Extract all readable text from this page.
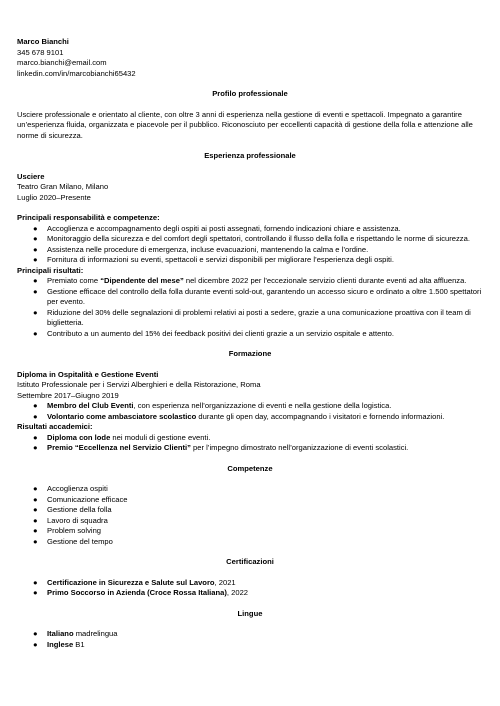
Marco Bianchi

345 678 9101

marco.bianchi@email.com

linkedin.com/in/marcobianchi65432

Profilo professionale

Usciere professionale e orientato al cliente, con oltre 3 anni di esperienza nella gestione di eventi e spettacoli. Impegnato a garantire un’esperienza fluida, organizzata e piacevole per il pubblico. Riconosciuto per eccellenti capacità di gestione della folla e attenzione alle norme di sicurezza.

Esperienza professionale

Usciere

Teatro Gran Milano, Milano

Luglio 2020–Presente

Principali responsabilità e competenze:

● Accoglienza e accompagnamento degli ospiti ai posti assegnati, fornendo indicazioni chiare e assistenza.
● Monitoraggio della sicurezza e del comfort degli spettatori, controllando il flusso della folla e rispettando le norme di sicurezza.
● Assistenza nelle procedure di emergenza, incluse evacuazioni, mantenendo la calma e l’ordine.
● Fornitura di informazioni su eventi, spettacoli e servizi disponibili per migliorare l’esperienza degli ospiti.

Principali risultati:

● Premiato come “Dipendente del mese” nel dicembre 2022 per l’eccezionale servizio clienti durante eventi ad alta affluenza.
● Gestione efficace del controllo della folla durante eventi sold-out, garantendo un accesso sicuro e ordinato a oltre 1.500 spettatori per evento.
● Riduzione del 30% delle segnalazioni di problemi relativi ai posti a sedere, grazie a una comunicazione proattiva con il team di biglietteria.
● Contributo a un aumento del 15% dei feedback positivi dei clienti grazie a un servizio ospitale e attento.

Formazione

Diploma in Ospitalità e Gestione Eventi

Istituto Professionale per i Servizi Alberghieri e della Ristorazione, Roma

Settembre 2017–Giugno 2019

● Membro del Club Eventi, con esperienza nell’organizzazione di eventi e nella gestione della logistica.
● Volontario come ambasciatore scolastico durante gli open day, accompagnando i visitatori e fornendo informazioni.

Risultati accademici:

● Diploma con lode nei moduli di gestione eventi.
● Premio “Eccellenza nel Servizio Clienti” per l’impegno dimostrato nell’organizzazione di eventi scolastici.

Competenze

● Accoglienza ospiti
● Comunicazione efficace
● Gestione della folla
● Lavoro di squadra
● Problem solving
● Gestione del tempo

Certificazioni

● Certificazione in Sicurezza e Salute sul Lavoro, 2021
● Primo Soccorso in Azienda (Croce Rossa Italiana), 2022

Lingue

● Italiano madrelingua
● Inglese B1
